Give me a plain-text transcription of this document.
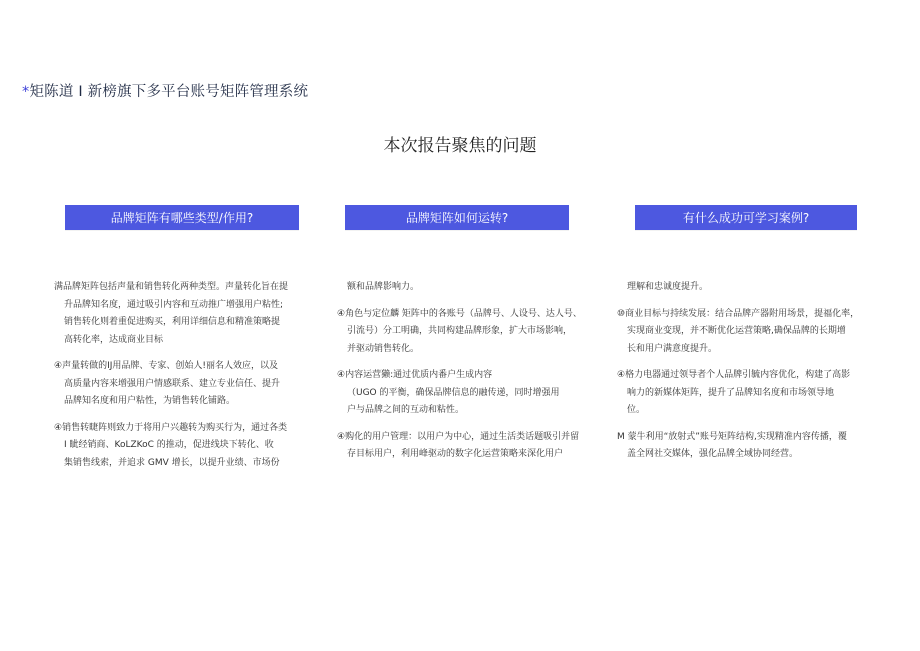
*矩陈道 I 新榜旗下多平台账号矩阵管理系统
本次报告聚焦的问题
品牌矩阵有哪些类型/作用?	品牌矩阵如何运转?	有什么成功可学习案例?
满品牌矩阵包括声量和销售转化两种类型。声量转化旨在提
升品牌知名度，通过吸引内容和互动推广增强用户粘性;
销售转化则着重促进购买，利用详细信息和精准策略提
高转化率，达成商业目标
④声量转做的IJ用品牌、专家、创始人!丽名人效应，以及
高质量内容来增强用户情感联系、建立专业信任、提升
品牌知名度和用户粘性，为销售转化铺路。
④销售转睫阵则致力于将用户兴趣转为购买行为，通过各类
I 眦经销商、KoLZKoC 的推动，促进线块下转化、收
集销售线索，并追求 GMV 增长，以提升业绩、市场份
额和品牌影响力。
④角色与定位麟 矩阵中的各账号（品牌号、人设号、达人号、
引流号）分工明确，共同构建品牌形象，扩大市场影响，
并驱动销售转化。
④内容运营獭:通过优质内番户生成内容
（UGO 的平衡，确保品牌信息的融传递，同时增强用
户与品牌之间的互动和粘性。
④购化的用户管理：以用户为中心，通过生活类话题吸引并留
存目标用户，利用峰驱动的数字化运营策略来深化用户
理解和忠诚度提升。
⑩商业目标与持续发展：结合品牌产器附用场景，提福化率，
实现商业变现，并不断优化运营策略,确保品牌的长期增
长和用户满意度提升。
④格力电器通过领导者个人品牌引毓内容优化，构建了高影
响力的新媒体矩阵，提升了品牌知名度和市场领导地
位。
M 蒙牛利用“放射式”账号矩阵结构,实现精准内容传播，覆
盖全网社交媒体，强化品牌全域协同经营。
